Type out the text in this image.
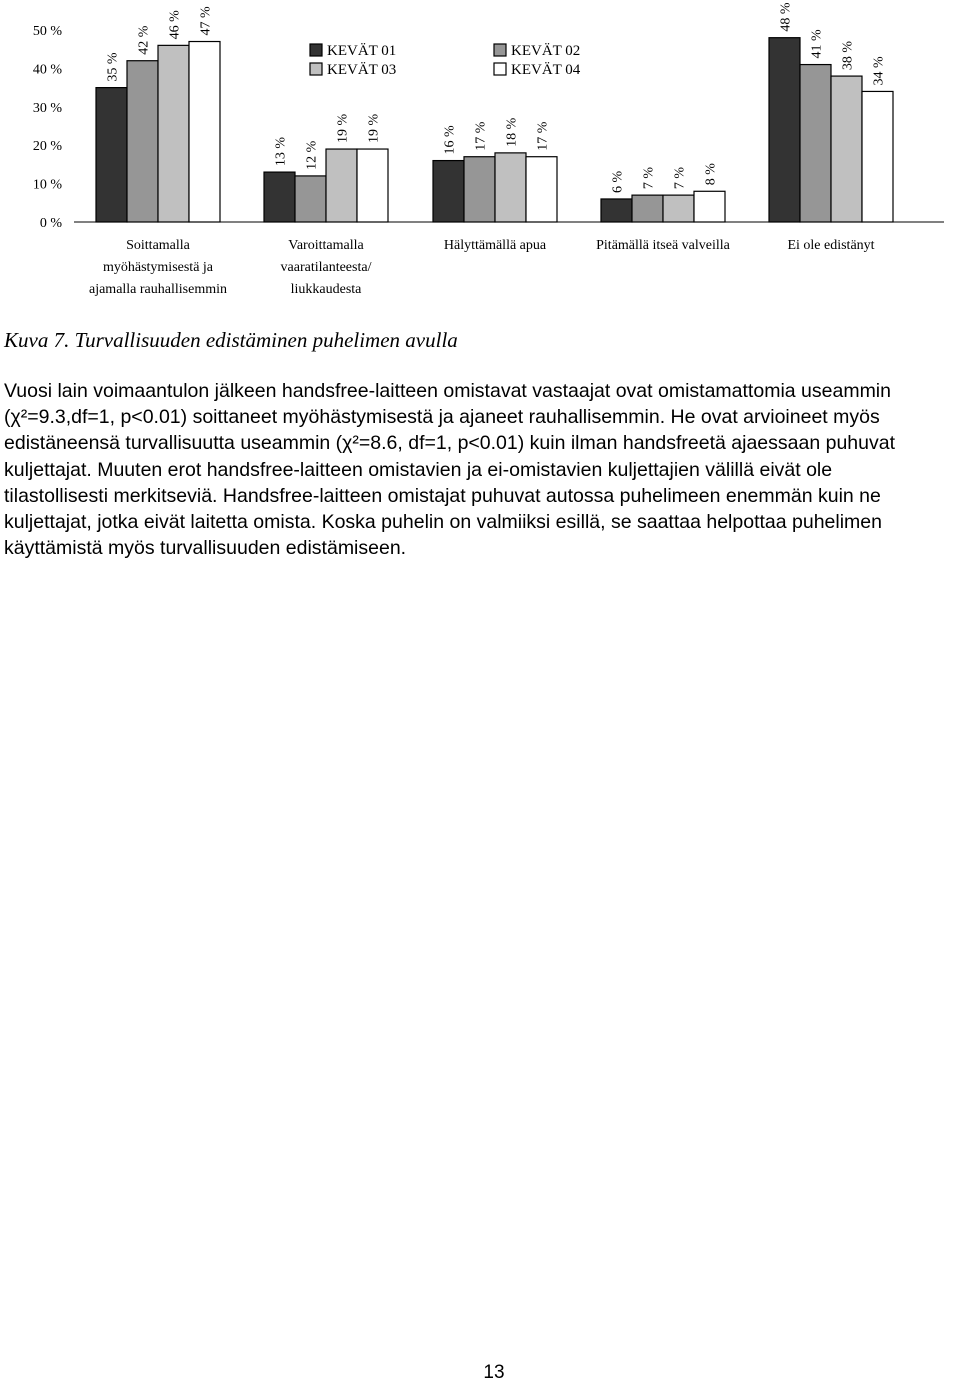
0 %
10 %
20 %
30 %
40 %
50 %
35 %
42 %
46 % 47 %
13 % 12 %
19 % 19 %	16 % 17 % 18 % 17 %
6 % 7 % 7 % 8 %
48 %
41 % 38 %
34 %
Soittamalla myöhästymisestä ja ajamalla rauhallisemmin
Varoittamalla vaaratilanteesta/ liukkaudesta
Hälyttämällä apua	Pitämällä itseä valveilla	Ei ole edistänyt
KEVÄT 01	KEVÄT 02
KEVÄT 03	KEVÄT 04
Kuva 7. Turvallisuuden edistäminen puhelimen avulla
Vuosi lain voimaantulon jälkeen handsfree-laitteen omistavat vastaajat ovat omistamattomia useammin
(χ²=9.3,df=1, p<0.01) soittaneet myöhästymisestä ja ajaneet rauhallisemmin. He ovat arvioineet myös
edistäneensä turvallisuutta useammin (χ²=8.6, df=1, p<0.01) kuin ilman handsfreetä ajaessaan puhuvat
kuljettajat. Muuten erot handsfree-laitteen omistavien ja ei-omistavien kuljettajien välillä eivät ole
tilastollisesti merkitseviä. Handsfree-laitteen omistajat puhuvat autossa puhelimeen enemmän kuin ne
kuljettajat, jotka eivät laitetta omista. Koska puhelin on valmiiksi esillä, se saattaa helpottaa puhelimen
käyttämistä myös turvallisuuden edistämiseen.
13
